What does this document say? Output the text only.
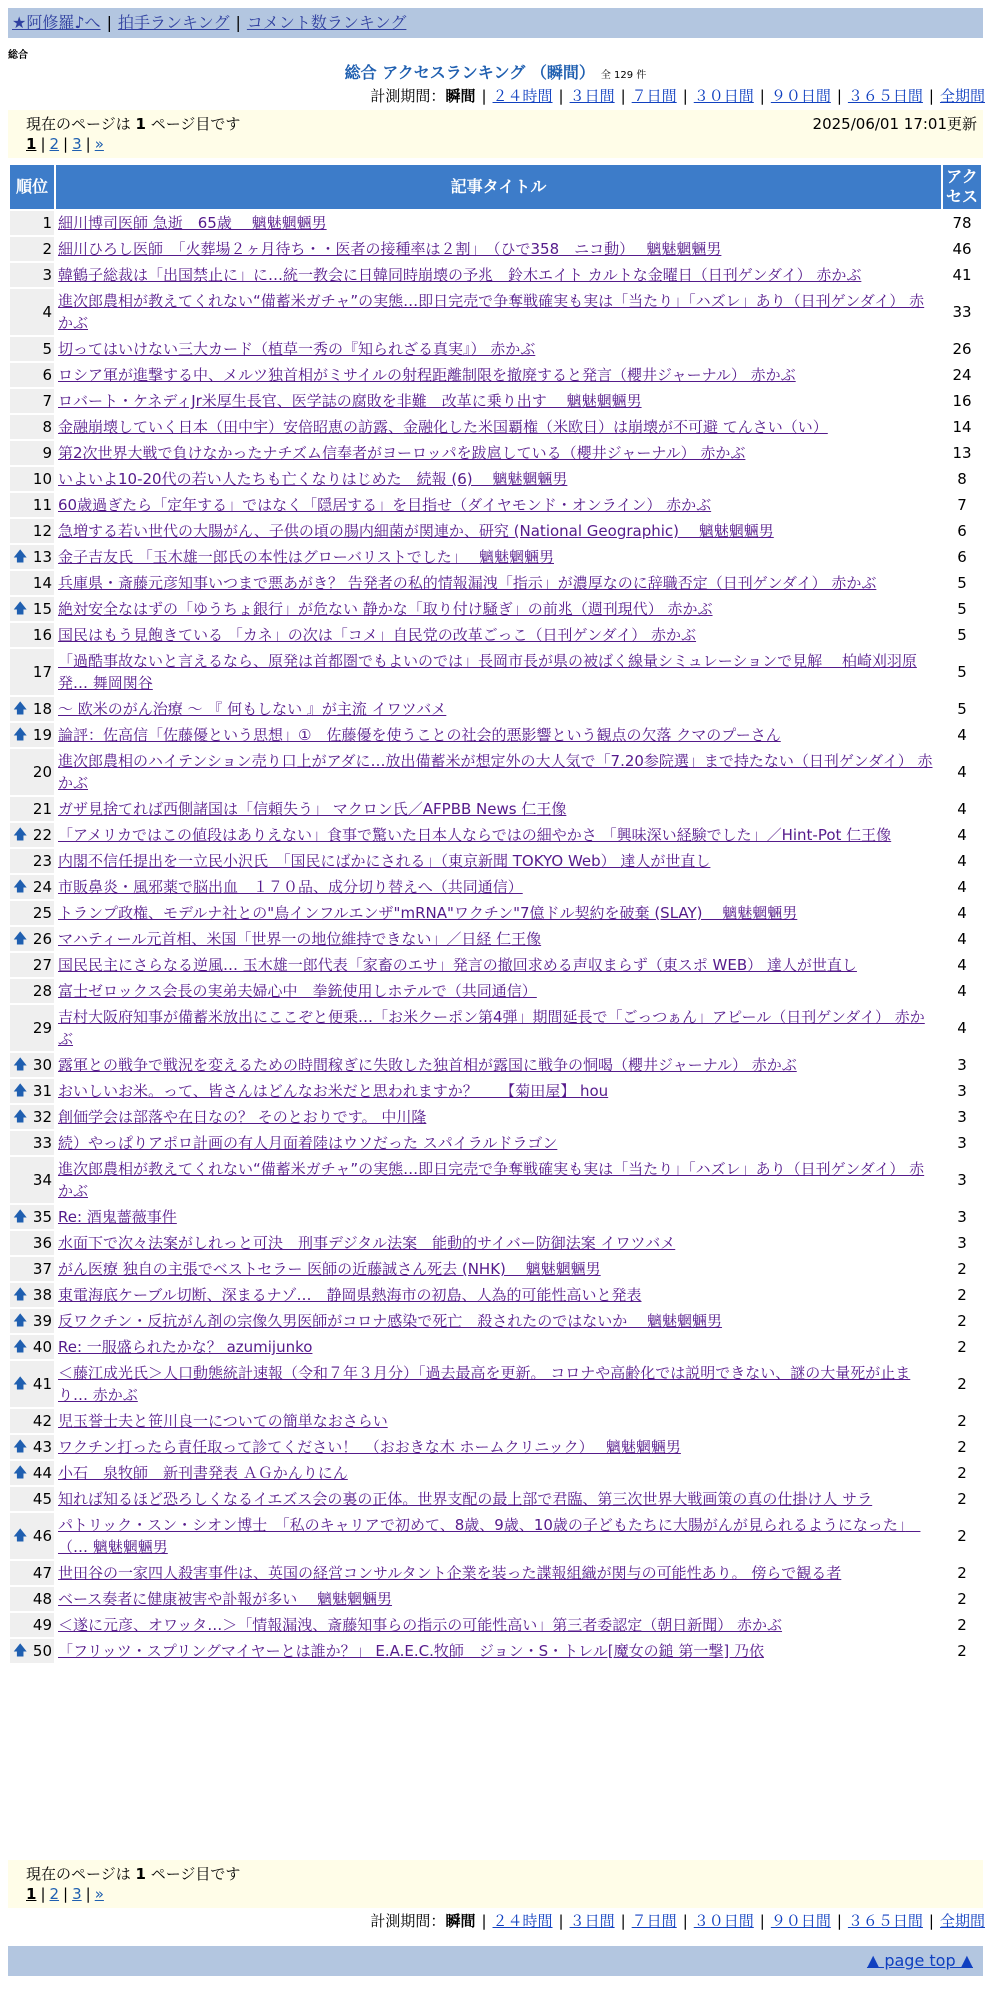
★阿修羅♪へ | 拍手ランキング | コメント数ランキング
総合
総合 アクセスランキング （瞬間） 全 129 件
計測期間：瞬間 | ２４時間 | ３日間 | ７日間 | ３０日間 | ９０日間 | ３６５日間 | 全期間
現在のページは 1 ページ目です	2025/06/01 17:01更新
1 | 2 | 3 | »
順位	記事タイトル	アクセス
1	細川博司医師 急逝　65歳　 魑魅魍魎男	78
2	細川ひろし医師　「火葬場２ヶ月待ち・・医者の接種率は２割」　（ひで358　ニコ動）　 魑魅魍魎男	46
3	韓鶴子総裁は「出国禁止に」に…統一教会に日韓同時崩壊の予兆　鈴木エイト カルトな金曜日（日刊ゲンダイ） 赤かぶ	41
4	進次郎農相が教えてくれない“備蓄米ガチャ”の実態…即日完売で争奪戦確実も実は「当たり」「ハズレ」あり（日刊ゲンダイ） 赤かぶ	33
5	切ってはいけない三大カード（植草一秀の『知られざる真実』） 赤かぶ	26
6	ロシア軍が進撃する中、メルツ独首相がミサイルの射程距離制限を撤廃すると発言（櫻井ジャーナル） 赤かぶ	24
7	ロバート・ケネディJr米厚生長官、医学誌の腐敗を非難　改革に乗り出す　 魑魅魍魎男	16
8	金融崩壊していく日本（田中宇）安倍昭恵の訪露、金融化した米国覇権（米欧日）は崩壊が不可避 てんさい（い）	14
9	第2次世界大戦で負けなかったナチズム信奉者がヨーロッパを跋扈している（櫻井ジャーナル） 赤かぶ	13
10	いよいよ10-20代の若い人たちも亡くなりはじめた　続報 (6)　 魑魅魍魎男	8
11	60歳過ぎたら「定年する」ではなく「隠居する」を目指せ（ダイヤモンド・オンライン） 赤かぶ	7
12	急増する若い世代の大腸がん、子供の頃の腸内細菌が関連か、研究 (National Geographic)　 魑魅魍魎男	6

🡅 13	金子吉友氏 「玉木雄一郎氏の本性はグローバリストでした」　 魑魅魍魎男	6
14	兵庫県・斎藤元彦知事いつまで悪あがき？ 告発者の私的情報漏洩「指示」が濃厚なのに辞職否定（日刊ゲンダイ） 赤かぶ	5

🡅 15	絶対安全なはずの「ゆうちょ銀行」が危ない 静かな「取り付け騒ぎ」の前兆（週刊現代） 赤かぶ	5
16	国民はもう見飽きている 「カネ」の次は「コメ」自民党の改革ごっこ（日刊ゲンダイ） 赤かぶ	5
17	「過酷事故ないと言えるなら、原発は首都圏でもよいのでは」長岡市長が県の被ばく線量シミュレーションで見解　 柏崎刈羽原発… 舞岡関谷	5

🡅 18	～ 欧米のがん治療 ～ 『 何もしない 』が主流 イワツバメ	5

🡅 19	論評：佐高信「佐藤優という思想」①　佐藤優を使うことの社会的悪影響という観点の欠落 クマのプーさん	4
20	進次郎農相のハイテンション売り口上がアダに…放出備蓄米が想定外の大人気で「7.20参院選」まで持たない（日刊ゲンダイ） 赤かぶ	4
21	ガザ見捨てれば西側諸国は「信頼失う」 マクロン氏／AFPBB News 仁王像	4

🡅 22	「アメリカではこの値段はありえない」食事で驚いた日本人ならではの細やかさ 「興味深い経験でした」／Hint-Pot 仁王像	4
23	内閣不信任提出を一立民小沢氏　「国民にばかにされる」（東京新聞 TOKYO Web） 達人が世直し	4

🡅 24	市販鼻炎・風邪薬で脳出血　１７０品、成分切り替えへ（共同通信）	4
25	トランプ政権、モデルナ社との"鳥インフルエンザ"mRNA"ワクチン"7億ドル契約を破棄 (SLAY)　 魑魅魍魎男	4

🡅 26	マハティール元首相、米国「世界一の地位維持できない」／日経 仁王像	4
27	国民民主にさらなる逆風… 玉木雄一郎代表「家畜のエサ」発言の撤回求める声収まらず（東スポ WEB） 達人が世直し	4
28	富士ゼロックス会長の実弟夫婦心中　拳銃使用しホテルで（共同通信）	4
29	吉村大阪府知事が備蓄米放出にここぞと便乗…「お米クーポン第4弾」期間延長で「ごっつぁん」アピール（日刊ゲンダイ） 赤かぶ	4

🡅 30	露軍との戦争で戦況を変えるための時間稼ぎに失敗した独首相が露国に戦争の恫喝（櫻井ジャーナル） 赤かぶ	3

🡅 31	おいしいお米。って、皆さんはどんなお米だと思われますか？　　【菊田屋】 hou	3

🡅 32	創価学会は部落や在日なの？ そのとおりです。 中川隆	3
33	続）やっぱりアポロ計画の有人月面着陸はウソだった スパイラルドラゴン	3
34	進次郎農相が教えてくれない“備蓄米ガチャ”の実態…即日完売で争奪戦確実も実は「当たり」「ハズレ」あり（日刊ゲンダイ） 赤かぶ	3

🡅 35	Re: 酒鬼薔薇事件	3
36	水面下で次々法案がしれっと可決　刑事デジタル法案　能動的サイバー防御法案 イワツバメ	3
37	がん医療 独自の主張でベストセラー 医師の近藤誠さん死去 (NHK)　 魑魅魍魎男	2

🡅 38	東電海底ケーブル切断、深まるナゾ…　静岡県熱海市の初島、人為的可能性高いと発表	2

🡅 39	反ワクチン・反抗がん剤の宗像久男医師がコロナ感染で死亡　殺されたのではないか　 魑魅魍魎男	2

🡅 40	Re: 一服盛られたかな？ azumijunko	2

🡅 41	＜藤江成光氏＞人口動態統計速報（令和７年３月分）「過去最高を更新。 コロナや高齢化では説明できない、謎の大量死が止まり… 赤かぶ	2
42	児玉誉士夫と笹川良一についての簡単なおさらい	2

🡅 43	ワクチン打ったら責任取って診てください！　（おおきな木 ホームクリニック）　 魑魅魍魎男	2

🡅 44	小石　泉牧師　新刊書発表 ＡＧかんりにん	2
45	知れば知るほど恐ろしくなるイエズス会の裏の正体。世界支配の最上部で君臨、第三次世界大戦画策の真の仕掛け人 サラ	2

🡅 46	パトリック・スン・シオン博士　「私のキャリアで初めて、8歳、9歳、10歳の子どもたちに大腸がんが見られるようになった」　（… 魑魅魍魎男	2
47	世田谷の一家四人殺害事件は、英国の経営コンサルタント企業を装った諜報組織が関与の可能性あり。 傍らで観る者	2
48	ベース奏者に健康被害や訃報が多い　 魑魅魍魎男	2
49	＜遂に元彦、オワッタ…＞「情報漏洩、斎藤知事らの指示の可能性高い」第三者委認定（朝日新聞） 赤かぶ	2

🡅 50	「フリッツ・スプリングマイヤーとは誰か？」 E.A.E.C.牧師　ジョン・S・トレル[魔女の鎚 第一撃] 乃依	2
現在のページは 1 ページ目です
1 | 2 | 3 | »
計測期間：瞬間 | ２４時間 | ３日間 | ７日間 | ３０日間 | ９０日間 | ３６５日間 | 全期間
▲ page top ▲
